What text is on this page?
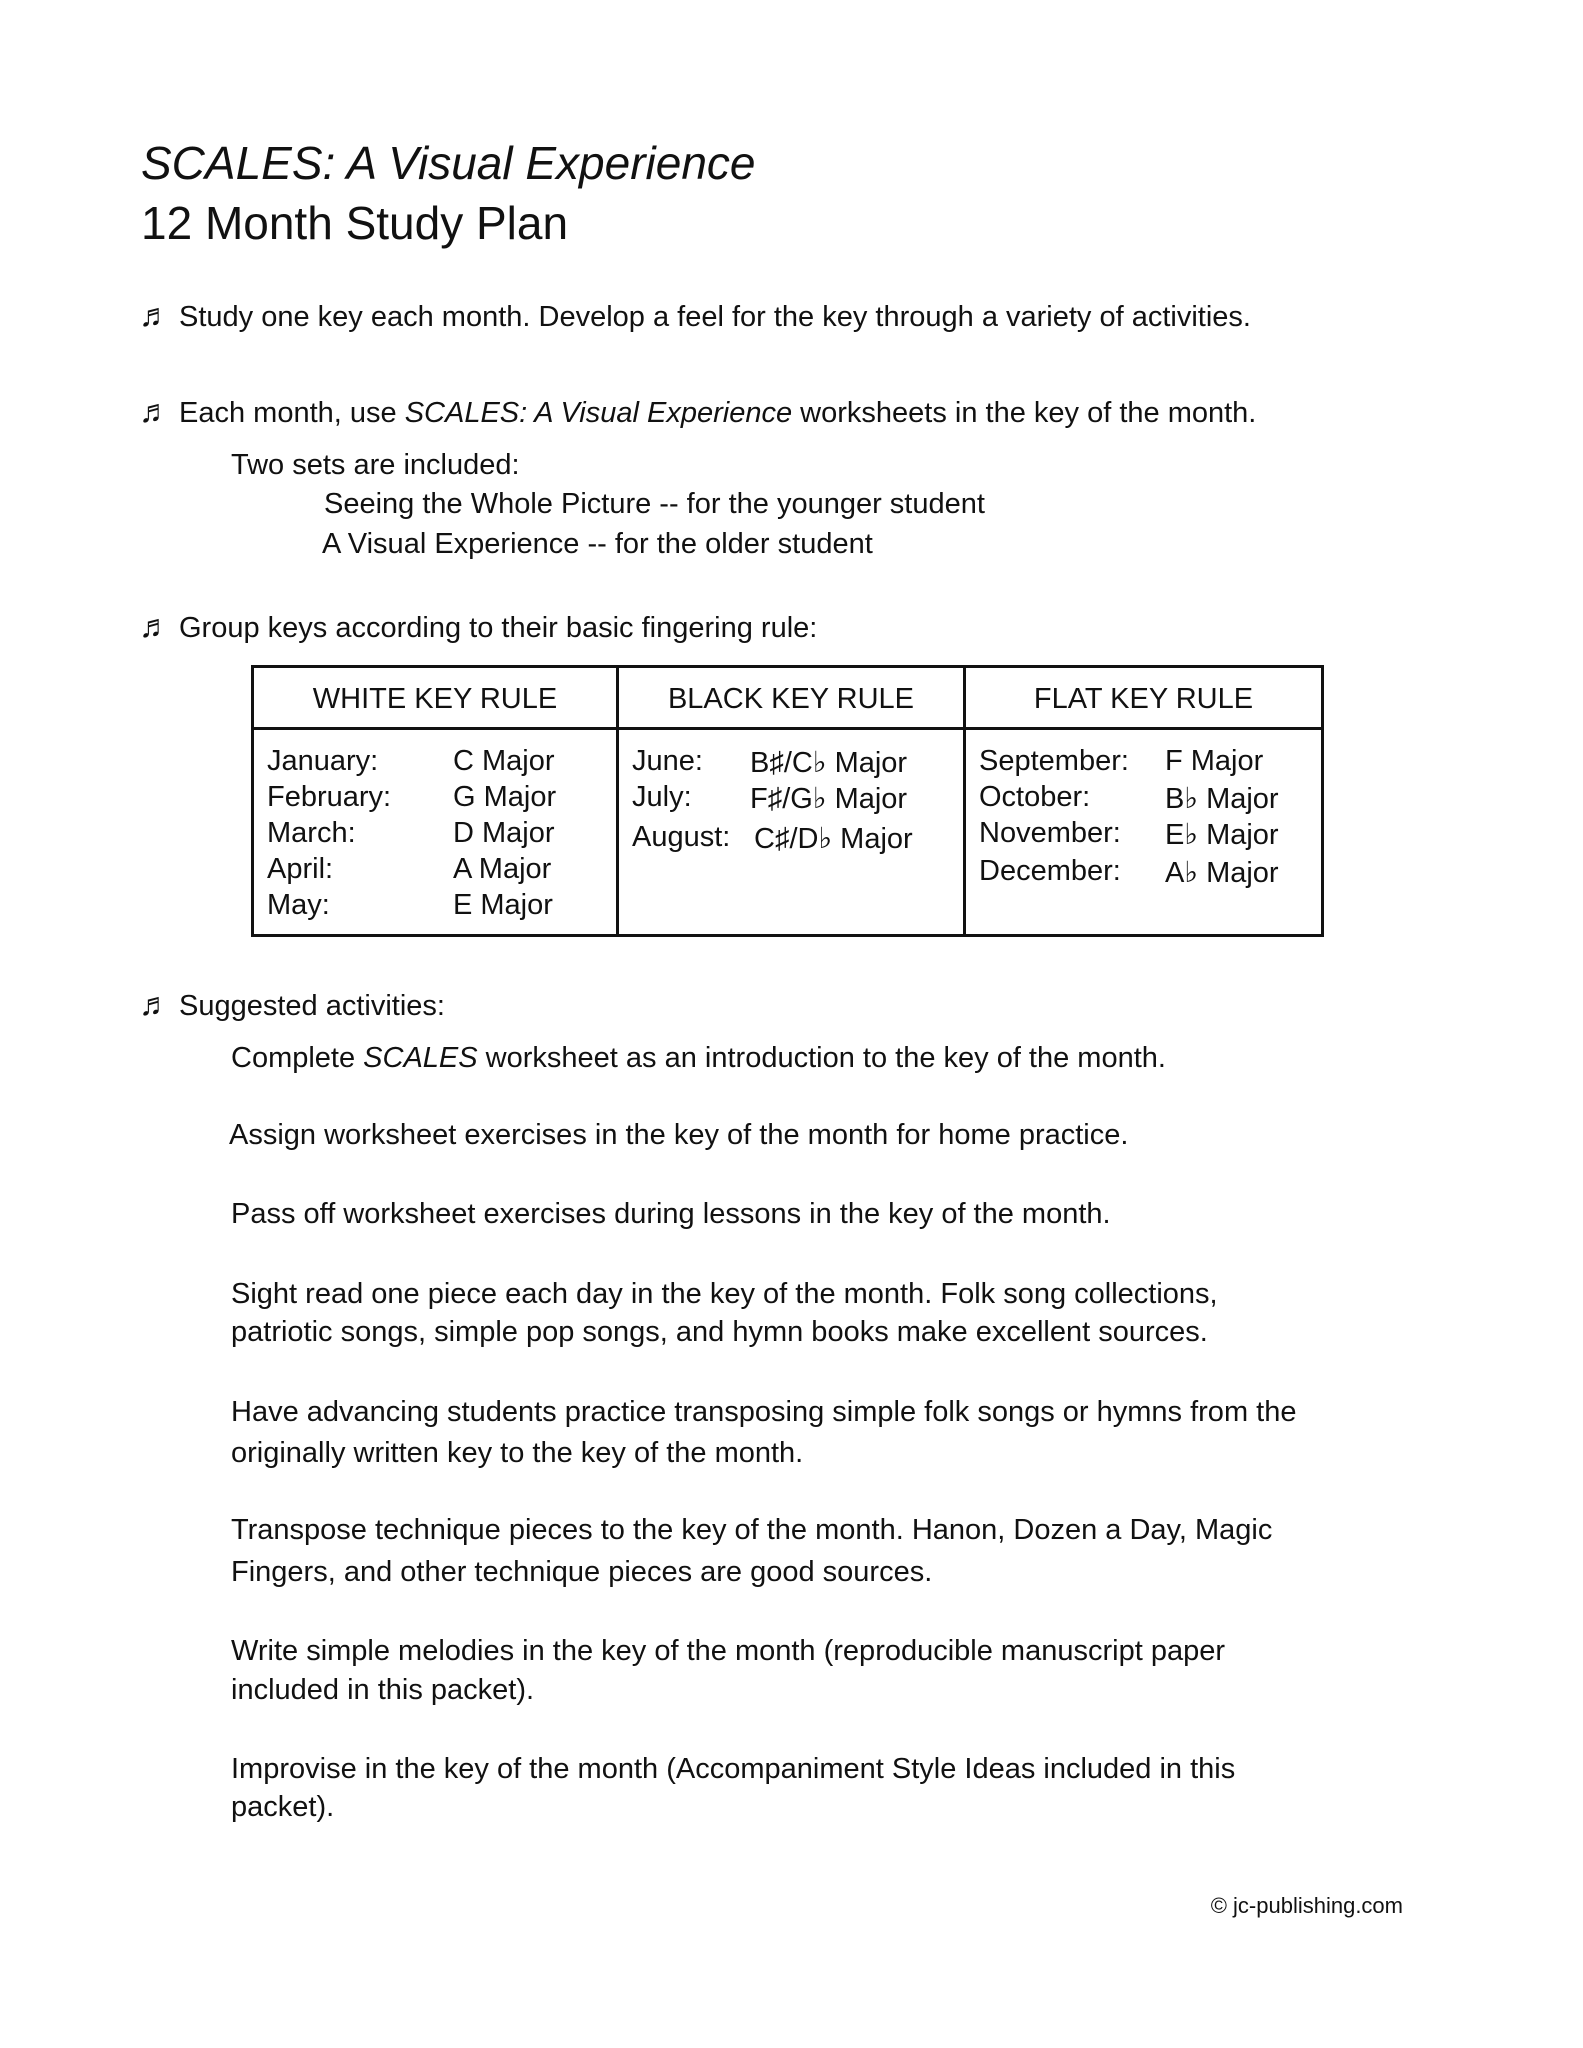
SCALES: A Visual Experience
12 Month Study Plan
♬ Study one key each month. Develop a feel for the key through a variety of activities.
♬ Each month, use SCALES: A Visual Experience worksheets in the key of the month.
Two sets are included:
Seeing the Whole Picture -- for the younger student
A Visual Experience -- for the older student
♬ Group keys according to their basic fingering rule:
WHITE KEY RULE
January:	C Major
February: G Major
March:	D Major
April:	A Major
May:	E Major
BLACK KEY RULE
June: B♯/C♭ Major
July: F♯/G♭ Major
August: C♯/D♭ Major
FLAT KEY RULE
September: F Major
October:	B♭ Major
November: E♭ Major
December: A♭ Major
♬ Suggested activities:
Complete SCALES worksheet as an introduction to the key of the month.
Assign worksheet exercises in the key of the month for home practice.
Pass off worksheet exercises during lessons in the key of the month.
Sight read one piece each day in the key of the month. Folk song collections,
patriotic songs, simple pop songs, and hymn books make excellent sources.
Have advancing students practice transposing simple folk songs or hymns from the
originally written key to the key of the month.
Transpose technique pieces to the key of the month. Hanon, Dozen a Day, Magic
Fingers, and other technique pieces are good sources.
Write simple melodies in the key of the month (reproducible manuscript paper
included in this packet).
Improvise in the key of the month (Accompaniment Style Ideas included in this
packet).
© jc-publishing.com
